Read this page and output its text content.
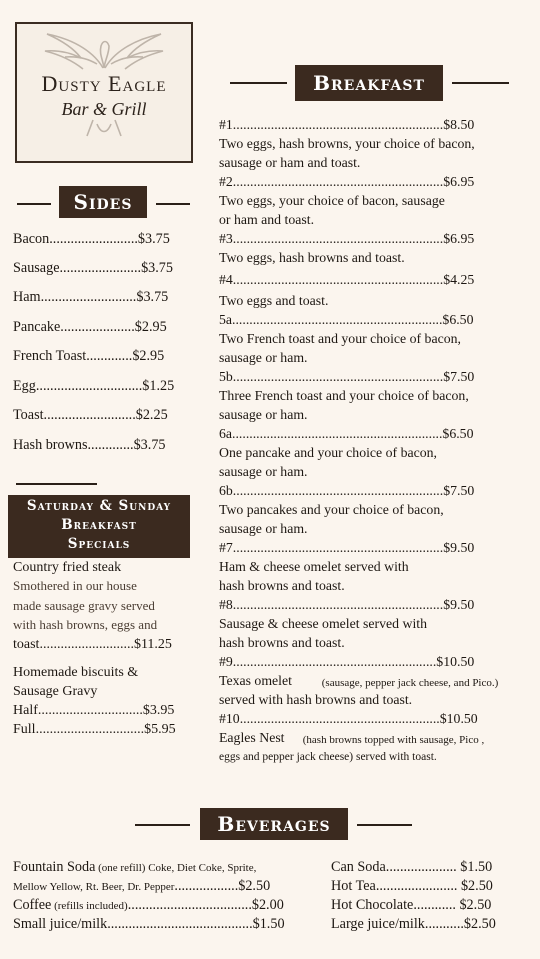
Dusty Eagle
Bar & Grill
Sides
Bacon.........................$3.75
Sausage.......................$3.75
Ham...........................$3.75
Pancake.....................$2.95
French Toast.............$2.95
Egg..............................$1.25
Toast..........................$2.25
Hash browns.............$3.75
Saturday & Sunday
Breakfast
Specials
Country fried steak
Smothered in our house
made sausage gravy served
with hash browns, eggs and
toast...........................$11.25
Homemade biscuits &
Sausage Gravy
Half..............................$3.95
Full...............................$5.95
Breakfast
#1.............................................................$8.50
Two eggs, hash browns, your choice of bacon,
sausage or ham and toast.
#2.............................................................$6.95
Two eggs, your choice of bacon, sausage
or ham and toast.
#3.............................................................$6.95
Two eggs, hash browns and toast.
#4.............................................................$4.25
Two eggs and toast.
5a.............................................................$6.50
Two French toast and your choice of bacon,
sausage or ham.
5b.............................................................$7.50
Three French toast and your choice of bacon,
sausage or ham.
6a.............................................................$6.50
One pancake and your choice of bacon,
sausage or ham.
6b.............................................................$7.50
Two pancakes and your choice of bacon,
sausage or ham.
#7.............................................................$9.50
Ham & cheese omelet served with
hash browns and toast.
#8.............................................................$9.50
Sausage & cheese omelet served with
hash browns and toast.
#9...........................................................$10.50
Texas omelet
served with hash browns and toast.
#10..........................................................$10.50
Eagles Nest
eggs and pepper jack cheese) served with toast.
(sausage, pepper jack cheese, and Pico.)
(hash browns topped with sausage, Pico ,
Beverages
Fountain Soda (one refill) Coke, Diet Coke, Sprite,
Mellow Yellow, Rt. Beer, Dr. Pepper..................$2.50
Coffee (refills included)...................................$2.00
Small juice/milk.........................................$1.50
Can Soda.................... $1.50
Hot Tea....................... $2.50
Hot Chocolate............ $2.50
Large juice/milk...........$2.50
